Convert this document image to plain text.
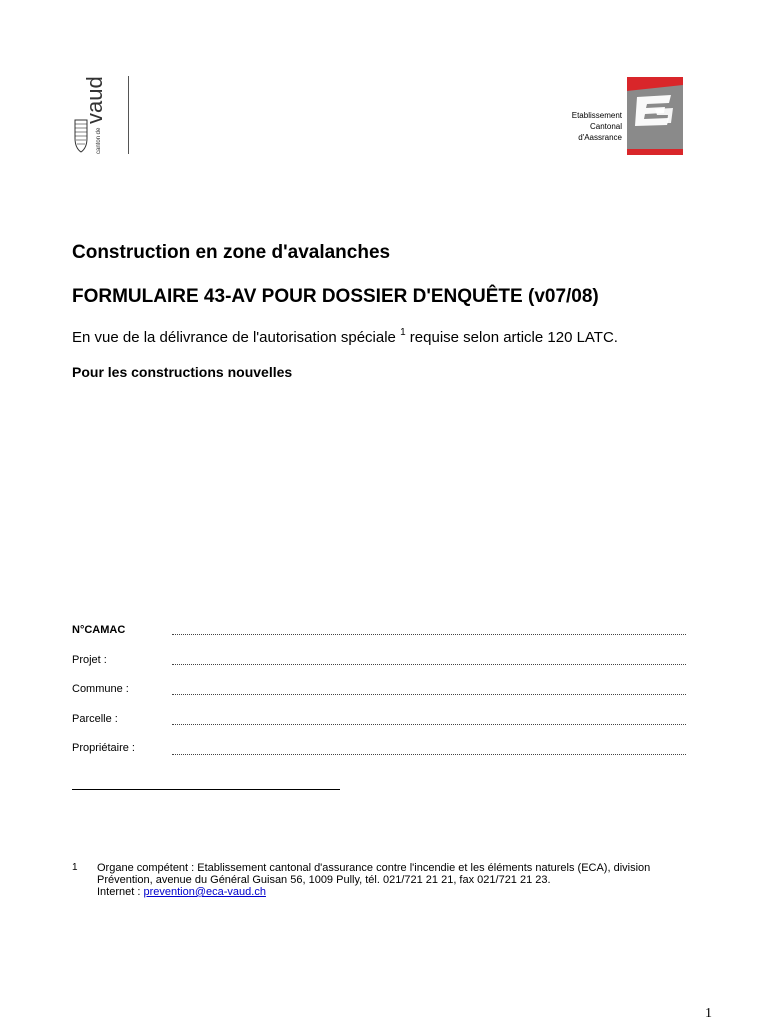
vaud
canton de
Etablissement
Cantonal
d'Aassrance
Construction en zone d'avalanches
FORMULAIRE 43-AV POUR DOSSIER D'ENQUÊTE (v07/08)
En vue de la délivrance de l'autorisation spéciale $^1$ requise selon article 120 LATC.
Pour les constructions nouvelles
N°CAMAC
Projet :
Commune :
Parcelle :
Propriétaire :
1 Organe compétent : Etablissement cantonal d'assurance contre l'incendie et les éléments naturels (ECA), division
Prévention, avenue du Général Guisan 56, 1009 Pully, tél. 021/721 21 21, fax 021/721 21 23.
Internet : prevention@eca-vaud.ch
1
